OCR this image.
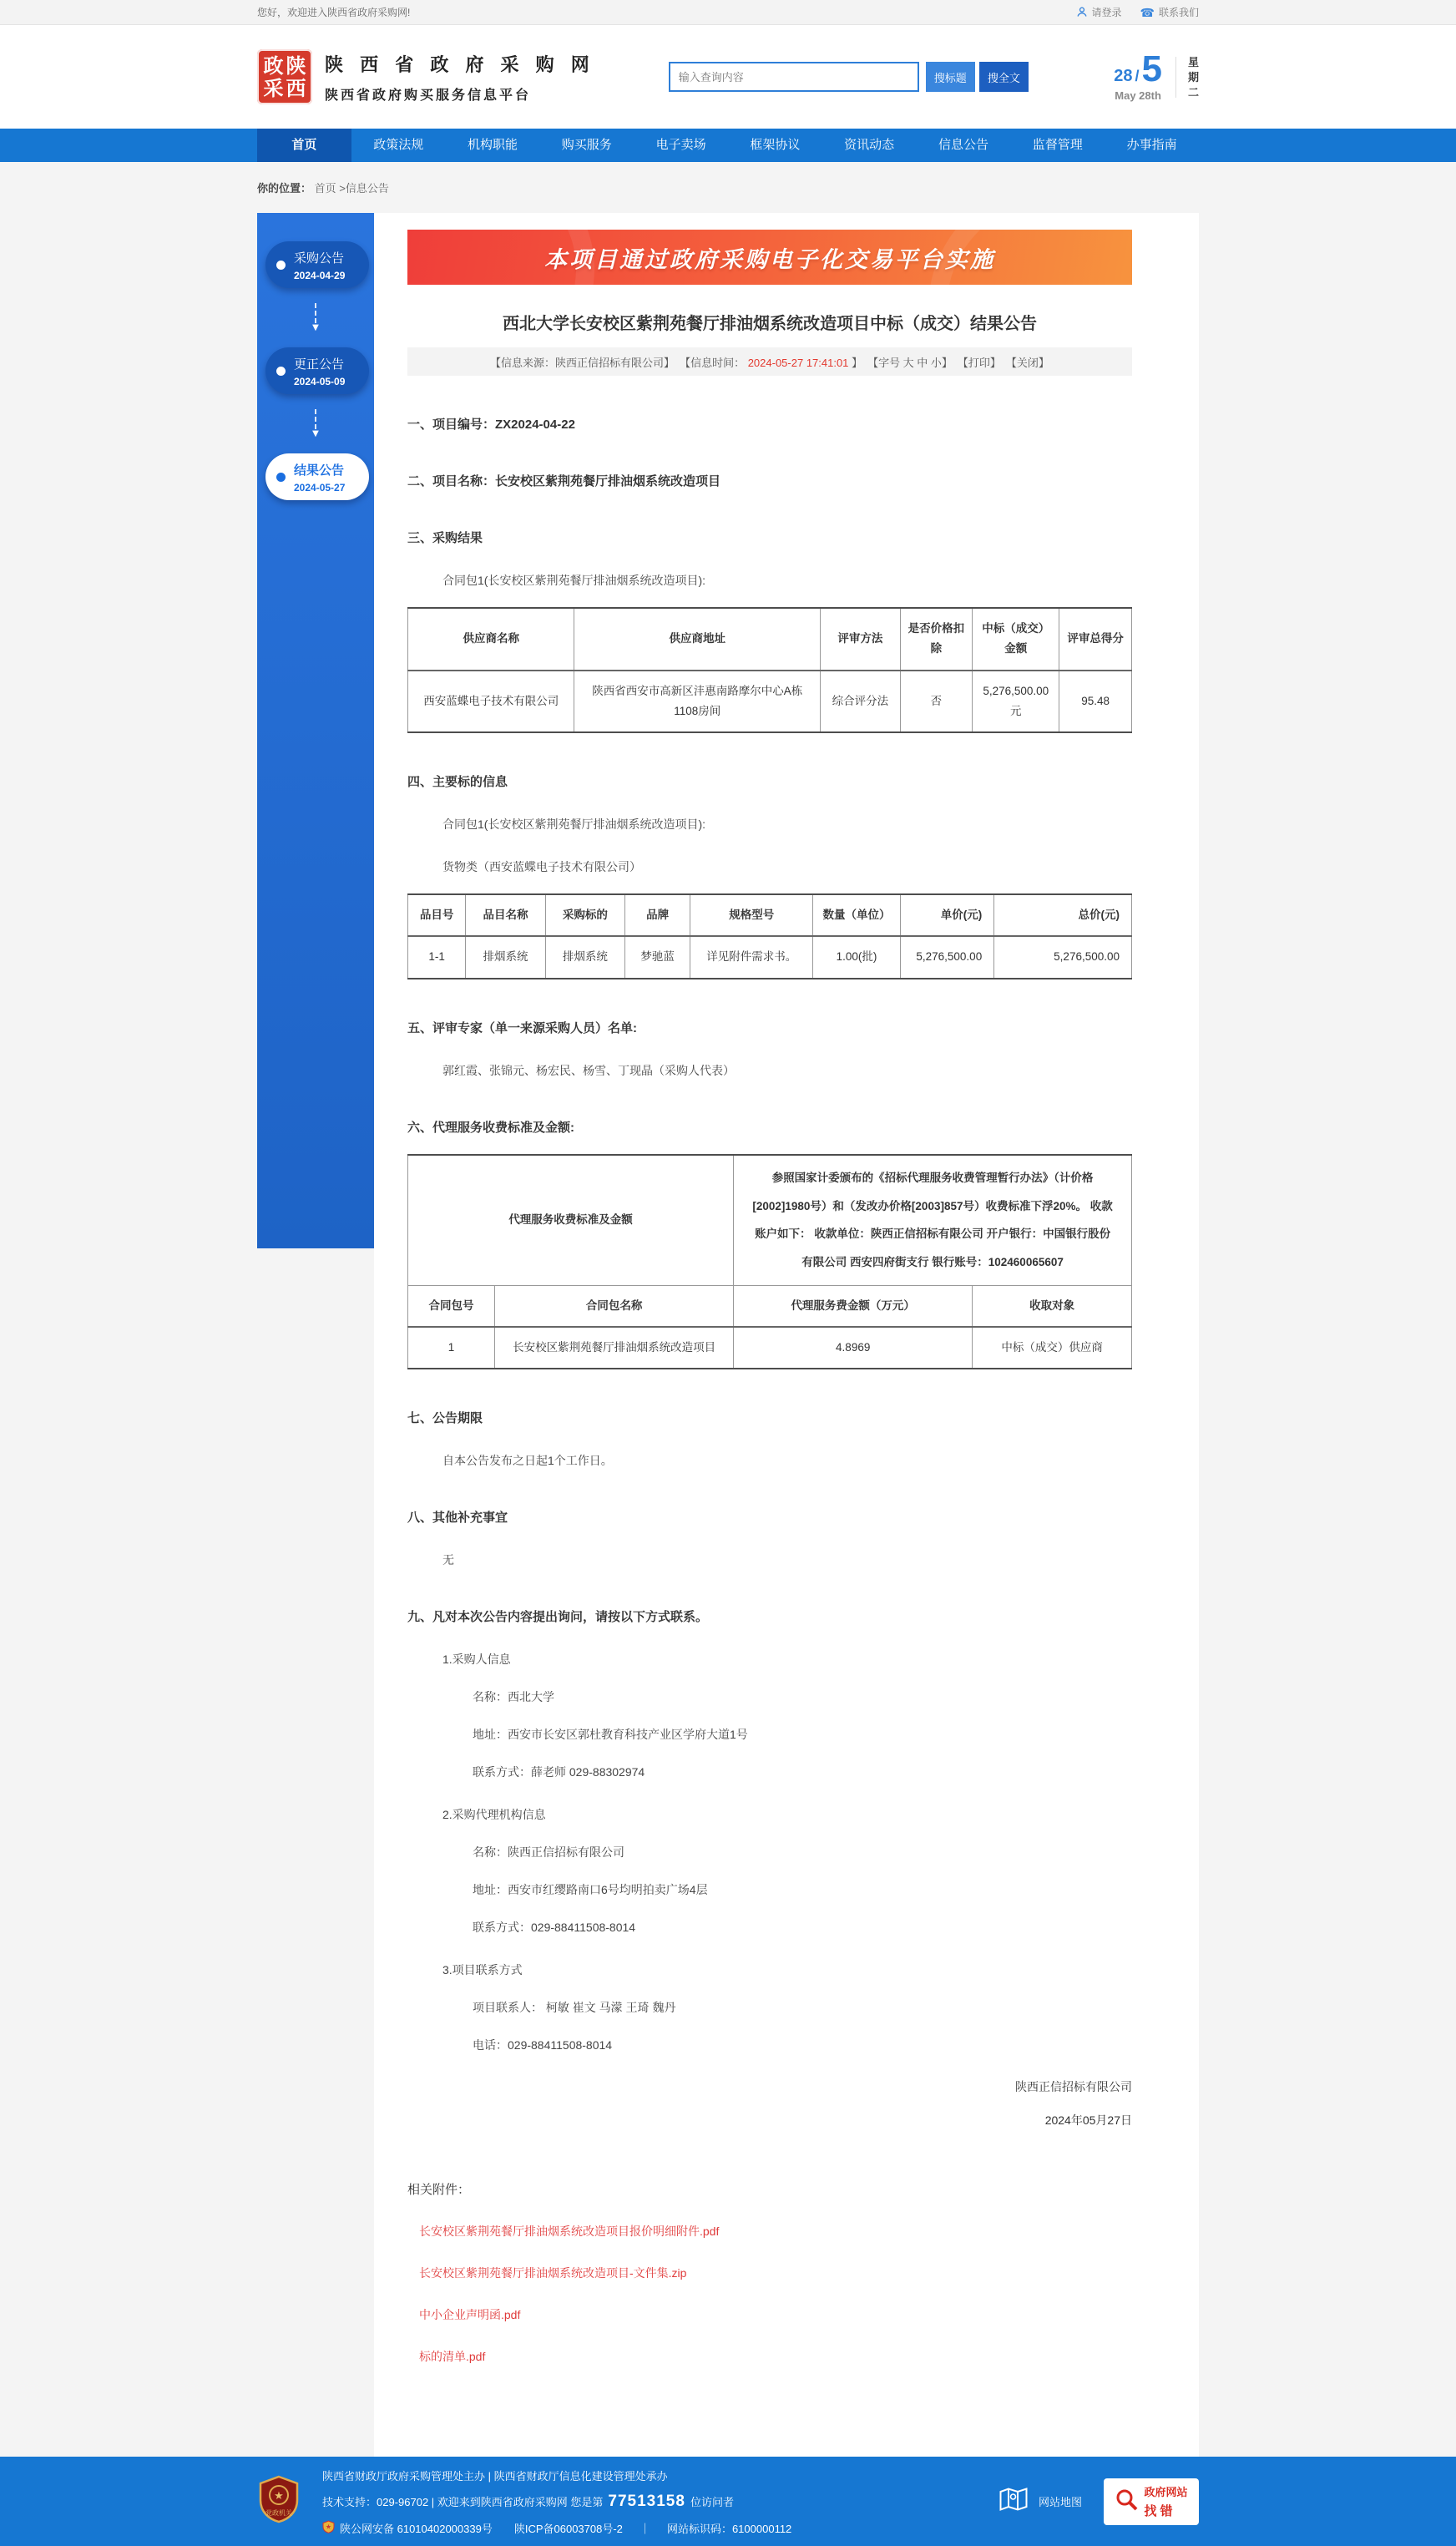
您好，欢迎进入陕西省政府采购网!	请登录 ☎ 联系我们
政 陕
采 西
陕 西 省 政 府 采 购 网
陕西省政府购买服务信息平台
输入查询内容
搜标题	搜全文	28 / 5
May 28th
星
期
二
首页	政策法规	机构职能	购买服务	电子卖场	框架协议	资讯动态	信息公告	监督管理	办事指南
你的位置： 首页 >信息公告
采购公告
2024-04-29
▼
更正公告
2024-05-09
▼
结果公告
2024-05-27
本项目通过政府采购电子化交易平台实施
西北大学长安校区紫荆苑餐厅排油烟系统改造项目中标（成交）结果公告
【信息来源：陕西正信招标有限公司】 【信息时间： 2024-05-27 17:41:01 】 【字号 大 中 小】 【打印】 【关闭】
一、项目编号：ZX2024-04-22
二、项目名称：长安校区紫荆苑餐厅排油烟系统改造项目
三、采购结果
合同包1(长安校区紫荆苑餐厅排油烟系统改造项目):
供应商名称	供应商地址	评审方法	是否价格扣除	中标（成交）金额	评审总得分
西安蓝蝶电子技术有限公司	陕西省西安市高新区沣惠南路摩尔中心A栋1108房间	综合评分法	否	5,276,500.00元	95.48
四、主要标的信息
合同包1(长安校区紫荆苑餐厅排油烟系统改造项目):
货物类（西安蓝蝶电子技术有限公司）
品目号	品目名称	采购标的	品牌	规格型号	数量（单位）	单价(元)	总价(元)
1-1	排烟系统	排烟系统	梦驰蓝	详见附件需求书。	1.00(批)	5,276,500.00	5,276,500.00
五、评审专家（单一来源采购人员）名单:
郭红霞、张锦元、杨宏民、杨雪、丁现晶（采购人代表）
六、代理服务收费标准及金额:
代理服务收费标准及金额		参照国家计委颁布的《招标代理服务收费管理暂行办法》（计价格[2002]1980号）和（发改办价格[2003]857号）收费标准下浮20%。 收款账户如下： 收款单位：陕西正信招标有限公司 开户银行：中国银行股份有限公司 西安四府街支行 银行账号：102460065607	
合同包号	合同包名称	代理服务费金额（万元）	收取对象
1	长安校区紫荆苑餐厅排油烟系统改造项目	4.8969	中标（成交）供应商
七、公告期限
自本公告发布之日起1个工作日。
八、其他补充事宜
无
九、凡对本次公告内容提出询问，请按以下方式联系。
1.采购人信息
名称：西北大学
地址：西安市长安区郭杜教育科技产业区学府大道1号
联系方式：薛老师 029-88302974
2.采购代理机构信息
名称：陕西正信招标有限公司
地址：西安市红缨路南口6号均明拍卖广场4层
联系方式：029-88411508-8014
3.项目联系方式
项目联系人： 柯敏 崔文 马濛 王琦 魏丹
电话：029-88411508-8014
陕西正信招标有限公司
2024年05月27日
相关附件：
长安校区紫荆苑餐厅排油烟系统改造项目报价明细附件.pdf
长安校区紫荆苑餐厅排油烟系统改造项目-文件集.zip
中小企业声明函.pdf
标的清单.pdf
★
党政机关
陕西省财政厅政府采购管理处主办 | 陕西省财政厅信息化建设管理处承办
技术支持：029-96702 | 欢迎来到陕西省政府采购网 您是第 77513158 位访问者
★ 陕公网安备 61010402000339号 陕ICP备06003708号-2 ｜ 网站标识码：6100000112
网站地图
政府网站
找错
